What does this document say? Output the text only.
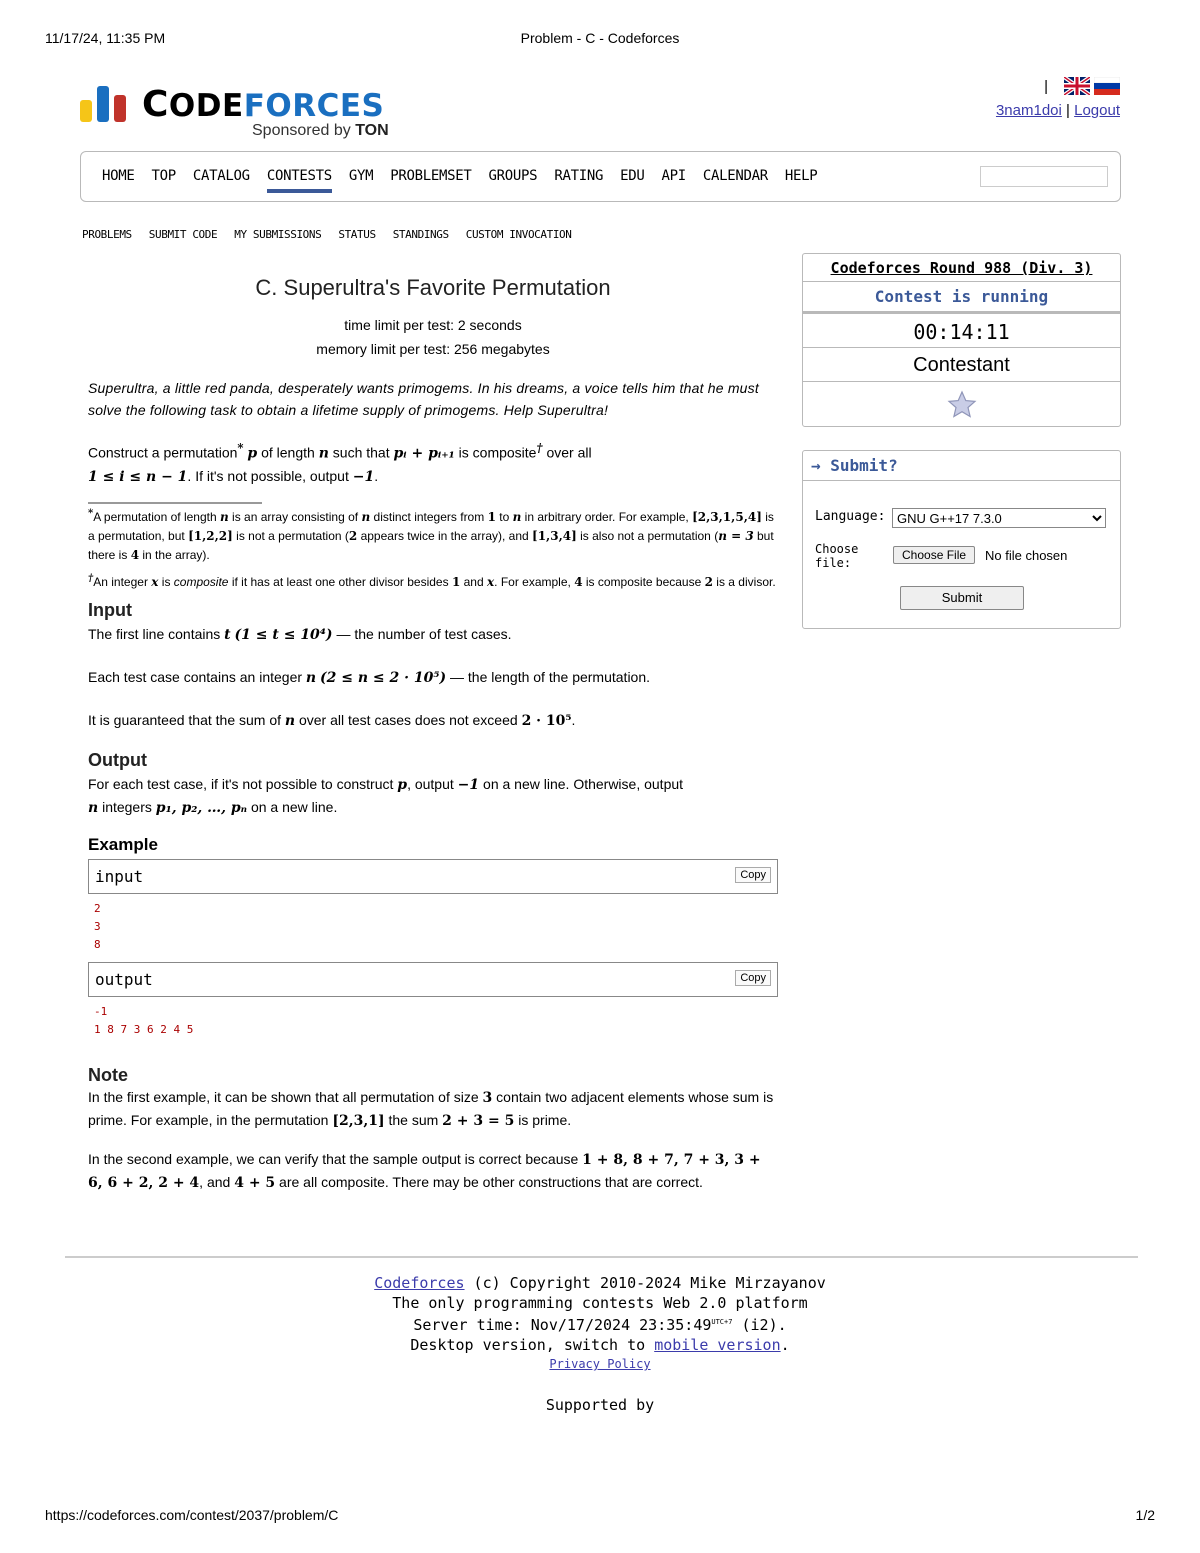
11/17/24, 11:35 PM	Problem - C - Codeforces
CODEFORCES
Sponsored by TON
|
3nam1doi | Logout
HOME TOP CATALOG CONTESTS GYM PROBLEMSET GROUPS RATING EDU API CALENDAR HELP
PROBLEMS SUBMIT CODE MY SUBMISSIONS STATUS STANDINGS CUSTOM INVOCATION
C. Superultra's Favorite Permutation
time limit per test: 2 seconds
memory limit per test: 256 megabytes
Superultra, a little red panda, desperately wants primogems. In his dreams, a voice tells him that he must solve the following task to obtain a lifetime supply of primogems. Help Superultra!
Construct a permutation* p of length n such that pᵢ + pᵢ₊₁ is composite† over all
1 ≤ i ≤ n − 1. If it's not possible, output −1.
*A permutation of length n is an array consisting of n distinct integers from 1 to n in arbitrary order. For example, [2,3,1,5,4] is a permutation, but [1,2,2] is not a permutation (2 appears twice in the array), and [1,3,4] is also not a permutation (n = 3 but there is 4 in the array).
†An integer x is composite if it has at least one other divisor besides 1 and x. For example, 4 is composite because 2 is a divisor.
Input
The first line contains t (1 ≤ t ≤ 10⁴) — the number of test cases.
Each test case contains an integer n (2 ≤ n ≤ 2 · 10⁵) — the length of the permutation.
It is guaranteed that the sum of n over all test cases does not exceed 2 · 10⁵.
Output
For each test case, if it's not possible to construct p, output −1 on a new line. Otherwise, output
n integers p₁, p₂, …, pₙ on a new line.
Example
input	Copy
2
3
8
output	Copy
-1
1 8 7 3 6 2 4 5
Note
In the first example, it can be shown that all permutation of size 3 contain two adjacent elements whose sum is prime. For example, in the permutation [2,3,1] the sum 2 + 3 = 5 is prime.
In the second example, we can verify that the sample output is correct because 1 + 8, 8 + 7, 7 + 3, 3 + 6, 6 + 2, 2 + 4, and 4 + 5 are all composite. There may be other constructions that are correct.
Codeforces Round 988 (Div. 3)
Contest is running
00:14:11
Contestant
→ Submit?
Language:
GNU G++17 7.3.0
Choose
file:
Choose File	No file chosen
Submit
Codeforces (c) Copyright 2010-2024 Mike Mirzayanov
The only programming contests Web 2.0 platform
Server time: Nov/17/2024 $23:35:49^{UTC+7}$ (i2).
Desktop version, switch to mobile version.
Privacy Policy
Supported by
https://codeforces.com/contest/2037/problem/C	1/2
